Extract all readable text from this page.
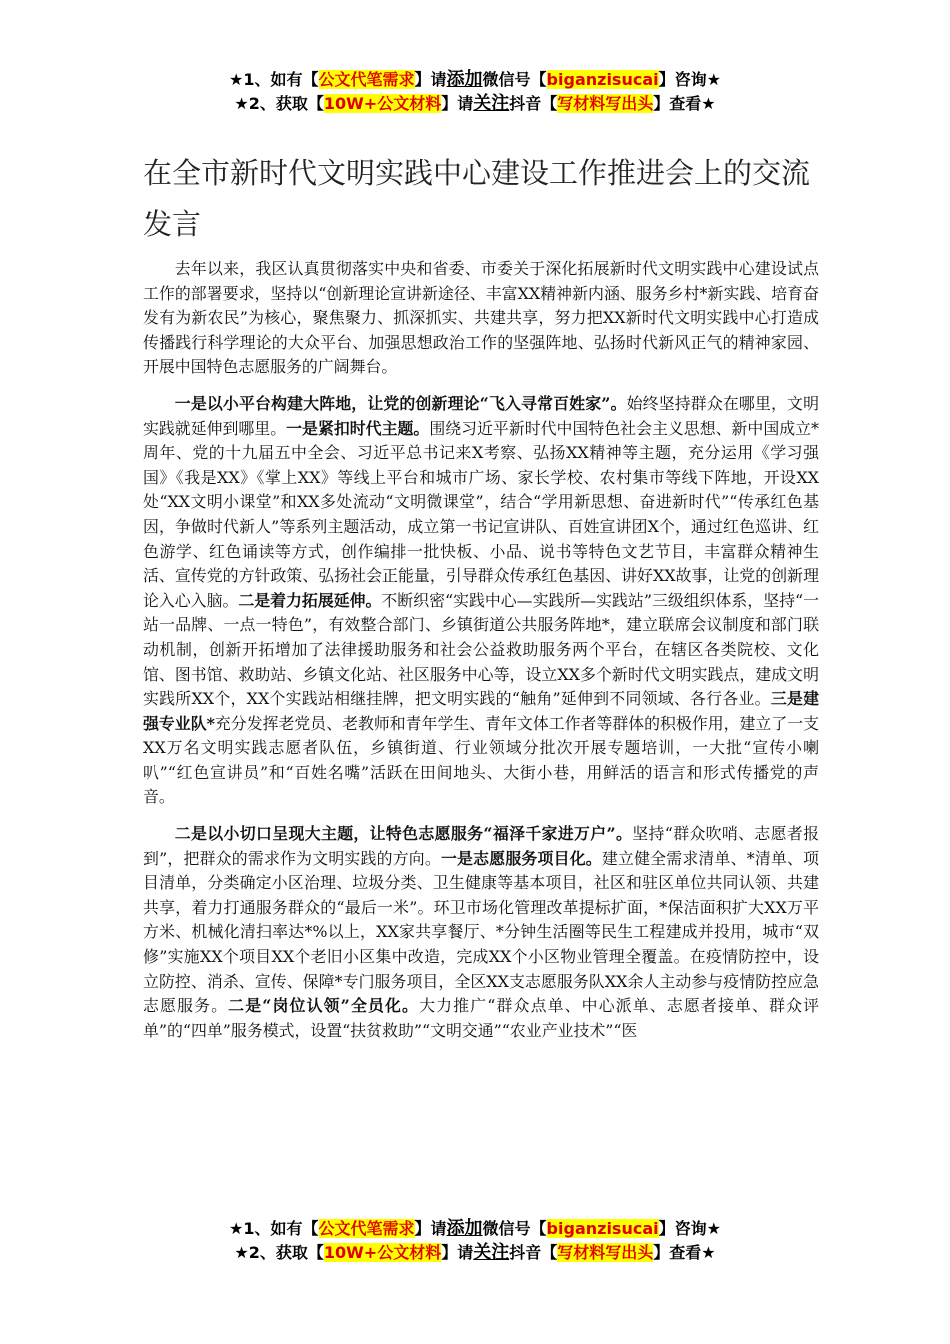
★1、如有【公文代笔需求】请添加微信号【biganzisucai】咨询★
★2、获取【10W+公文材料】请关注抖音【写材料写出头】查看★
在全市新时代文明实践中心建设工作推进会上的交流发言

去年以来，我区认真贯彻落实中央和省委、市委关于深化拓展新时代文明实践中心建设试点工作的部署要求，坚持以“创新理论宣讲新途径、丰富XX精神新内涵、服务乡村*新实践、培育奋发有为新农民”为核心，聚焦聚力、抓深抓实、共建共享，努力把XX新时代文明实践中心打造成传播践行科学理论的大众平台、加强思想政治工作的坚强阵地、弘扬时代新风正气的精神家园、开展中国特色志愿服务的广阔舞台。

一是以小平台构建大阵地，让党的创新理论“飞入寻常百姓家”。始终坚持群众在哪里，文明实践就延伸到哪里。一是紧扣时代主题。围绕习近平新时代中国特色社会主义思想、新中国成立*周年、党的十九届五中全会、习近平总书记来X考察、弘扬XX精神等主题，充分运用《学习强国》《我是XX》《掌上XX》等线上平台和城市广场、家长学校、农村集市等线下阵地，开设XX处“XX文明小课堂”和XX多处流动“文明微课堂”，结合“学用新思想、奋进新时代”“传承红色基因，争做时代新人”等系列主题活动，成立第一书记宣讲队、百姓宣讲团X个，通过红色巡讲、红色游学、红色诵读等方式，创作编排一批快板、小品、说书等特色文艺节目，丰富群众精神生活、宣传党的方针政策、弘扬社会正能量，引导群众传承红色基因、讲好XX故事，让党的创新理论入心入脑。二是着力拓展延伸。不断织密“实践中心—实践所—实践站”三级组织体系，坚持“一站一品牌、一点一特色”，有效整合部门、乡镇街道公共服务阵地*，建立联席会议制度和部门联动机制，创新开拓增加了法律援助服务和社会公益救助服务两个平台，在辖区各类院校、文化馆、图书馆、救助站、乡镇文化站、社区服务中心等，设立XX多个新时代文明实践点，建成文明实践所XX个，XX个实践站相继挂牌，把文明实践的“触角”延伸到不同领域、各行各业。三是建强专业队*充分发挥老党员、老教师和青年学生、青年文体工作者等群体的积极作用，建立了一支XX万名文明实践志愿者队伍，乡镇街道、行业领域分批次开展专题培训，一大批“宣传小喇叭”“红色宣讲员”和“百姓名嘴”活跃在田间地头、大街小巷，用鲜活的语言和形式传播党的声音。

二是以小切口呈现大主题，让特色志愿服务“福泽千家进万户”。坚持“群众吹哨、志愿者报到”，把群众的需求作为文明实践的方向。一是志愿服务项目化。建立健全需求清单、*清单、项目清单，分类确定小区治理、垃圾分类、卫生健康等基本项目，社区和驻区单位共同认领、共建共享，着力打通服务群众的“最后一米”。环卫市场化管理改革提标扩面，*保洁面积扩大XX万平方米、机械化清扫率达*%以上，XX家共享餐厅、*分钟生活圈等民生工程建成并投用，城市“双修”实施XX个项目XX个老旧小区集中改造，完成XX个小区物业管理全覆盖。在疫情防控中，设立防控、消杀、宣传、保障*专门服务项目，全区XX支志愿服务队XX余人主动参与疫情防控应急志愿服务。二是“岗位认领”全员化。大力推广“群众点单、中心派单、志愿者接单、群众评单”的“四单”服务模式，设置“扶贫救助”“文明交通”“农业产业技术”“医

★1、如有【公文代笔需求】请添加微信号【biganzisucai】咨询★
★2、获取【10W+公文材料】请关注抖音【写材料写出头】查看★
